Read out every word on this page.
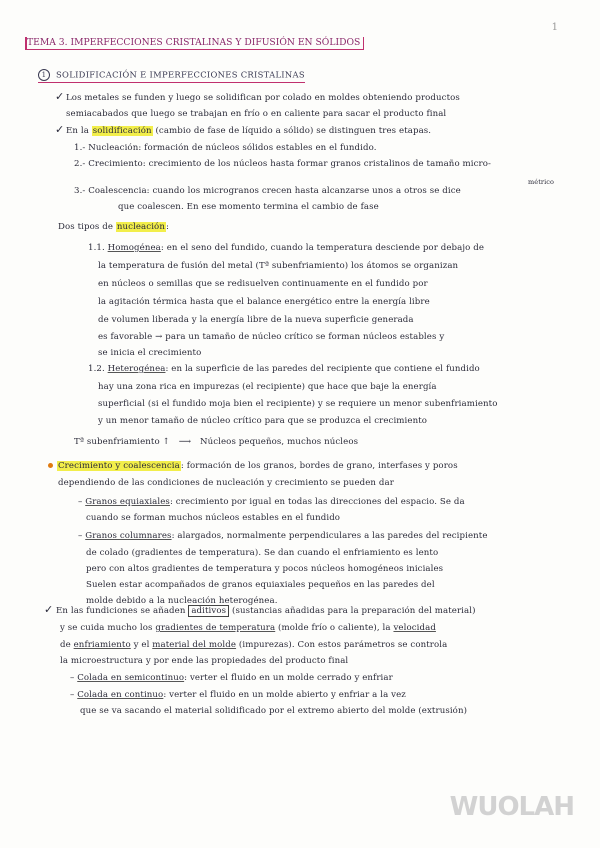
1
TEMA 3. IMPERFECCIONES CRISTALINAS Y DIFUSIÓN EN SÓLIDOS
1 SOLIDIFICACIÓN E IMPERFECCIONES CRISTALINAS
✓ Los metales se funden y luego se solidifican por colado en moldes obteniendo productos
semiacabados que luego se trabajan en frío o en caliente para sacar el producto final
✓ En la solidificación (cambio de fase de líquido a sólido) se distinguen tres etapas.
1.- Nucleación: formación de núcleos sólidos estables en el fundido.
2.- Crecimiento: crecimiento de los núcleos hasta formar granos cristalinos de tamaño micro-
métrico
3.- Coalescencia: cuando los microgranos crecen hasta alcanzarse unos a otros se dice
que coalescen. En ese momento termina el cambio de fase
Dos tipos de nucleación:
1.1. Homogénea: en el seno del fundido, cuando la temperatura desciende por debajo de
la temperatura de fusión del metal (Tª subenfriamiento) los átomos se organizan
en núcleos o semillas que se redisuelven continuamente en el fundido por
la agitación térmica hasta que el balance energético entre la energía libre
de volumen liberada y la energía libre de la nueva superficie generada
es favorable → para un tamaño de núcleo crítico se forman núcleos estables y
se inicia el crecimiento
1.2. Heterogénea: en la superficie de las paredes del recipiente que contiene el fundido
hay una zona rica en impurezas (el recipiente) que hace que baje la energía
superficial (si el fundido moja bien el recipiente) y se requiere un menor subenfriamiento
y un menor tamaño de núcleo crítico para que se produzca el crecimiento
Tª subenfriamiento ↑ ⟶ Núcleos pequeños, muchos núcleos
Crecimiento y coalescencia: formación de los granos, bordes de grano, interfases y poros
dependiendo de las condiciones de nucleación y crecimiento se pueden dar
– Granos equiaxiales: crecimiento por igual en todas las direcciones del espacio. Se da
cuando se forman muchos núcleos estables en el fundido
– Granos columnares: alargados, normalmente perpendiculares a las paredes del recipiente
de colado (gradientes de temperatura). Se dan cuando el enfriamiento es lento
pero con altos gradientes de temperatura y pocos núcleos homogéneos iniciales
Suelen estar acompañados de granos equiaxiales pequeños en las paredes del
molde debido a la nucleación heterogénea.
✓ En las fundiciones se añaden aditivos (sustancias añadidas para la preparación del material)
y se cuida mucho los gradientes de temperatura (molde frío o caliente), la velocidad
de enfriamiento y el material del molde (impurezas). Con estos parámetros se controla
la microestructura y por ende las propiedades del producto final
– Colada en semicontinuo: verter el fluido en un molde cerrado y enfriar
– Colada en continuo: verter el fluido en un molde abierto y enfriar a la vez
que se va sacando el material solidificado por el extremo abierto del molde (extrusión)
WUOLAH
